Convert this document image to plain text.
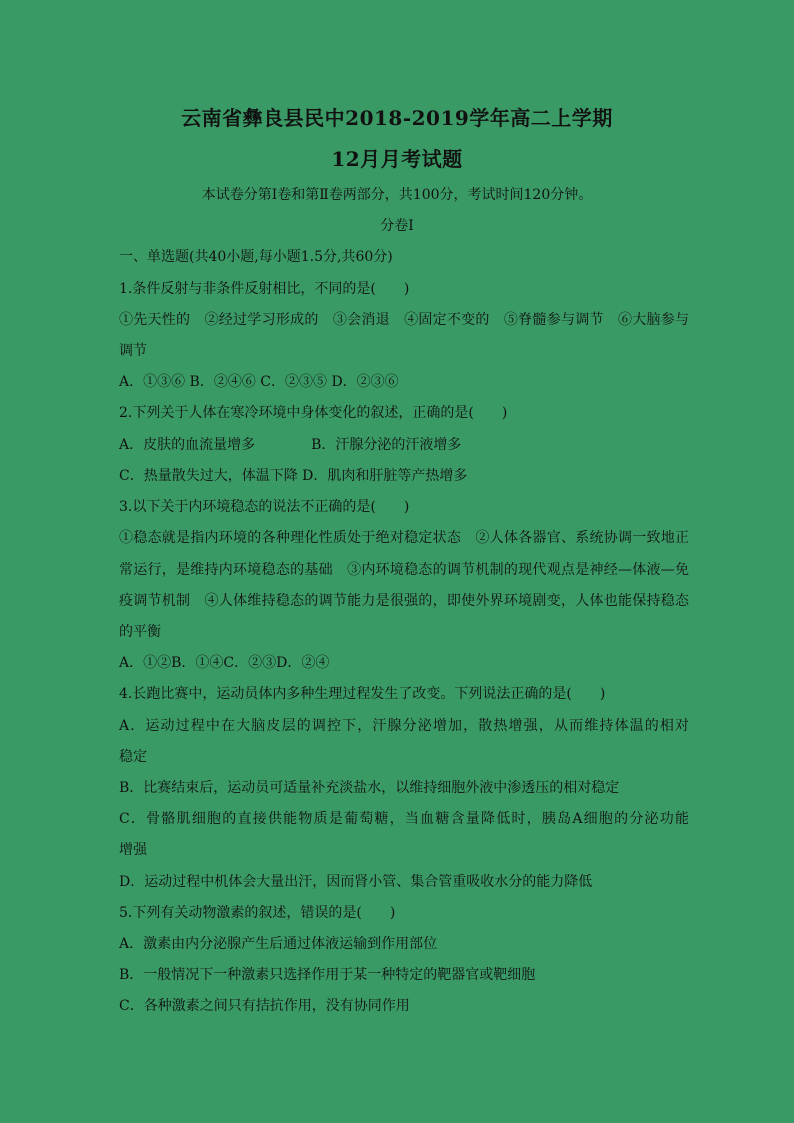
云南省彝良县民中2018-2019学年高二上学期
12月月考试题
本试卷分第Ⅰ卷和第Ⅱ卷两部分，共100分，考试时间120分钟。
分卷I
一、单选题(共40小题,每小题1.5分,共60分)
1.条件反射与非条件反射相比，不同的是(　　)
①先天性的　②经过学习形成的　③会消退　④固定不变的　⑤脊髓参与调节　⑥大脑参与
调节
A．①③⑥ B．②④⑥ C．②③⑤ D．②③⑥
2.下列关于人体在寒冷环境中身体变化的叙述，正确的是(　　)
A．皮肤的血流量增多　　　　B．汗腺分泌的汗液增多
C．热量散失过大，体温下降 D．肌肉和肝脏等产热增多
3.以下关于内环境稳态的说法不正确的是(　　)
①稳态就是指内环境的各种理化性质处于绝对稳定状态　②人体各器官、系统协调一致地正
常运行，是维持内环境稳态的基础　③内环境稳态的调节机制的现代观点是神经—体液—免
疫调节机制　④人体维持稳态的调节能力是很强的，即使外界环境剧变，人体也能保持稳态
的平衡
A．①②B．①④C．②③D．②④
4.长跑比赛中，运动员体内多种生理过程发生了改变。下列说法正确的是(　　)
A．运动过程中在大脑皮层的调控下，汗腺分泌增加，散热增强，从而维持体温的相对
稳定
B．比赛结束后，运动员可适量补充淡盐水，以维持细胞外液中渗透压的相对稳定
C．骨骼肌细胞的直接供能物质是葡萄糖，当血糖含量降低时，胰岛A细胞的分泌功能
增强
D．运动过程中机体会大量出汗，因而肾小管、集合管重吸收水分的能力降低
5.下列有关动物激素的叙述，错误的是(　　)
A．激素由内分泌腺产生后通过体液运输到作用部位
B．一般情况下一种激素只选择作用于某一种特定的靶器官或靶细胞
C．各种激素之间只有拮抗作用，没有协同作用
